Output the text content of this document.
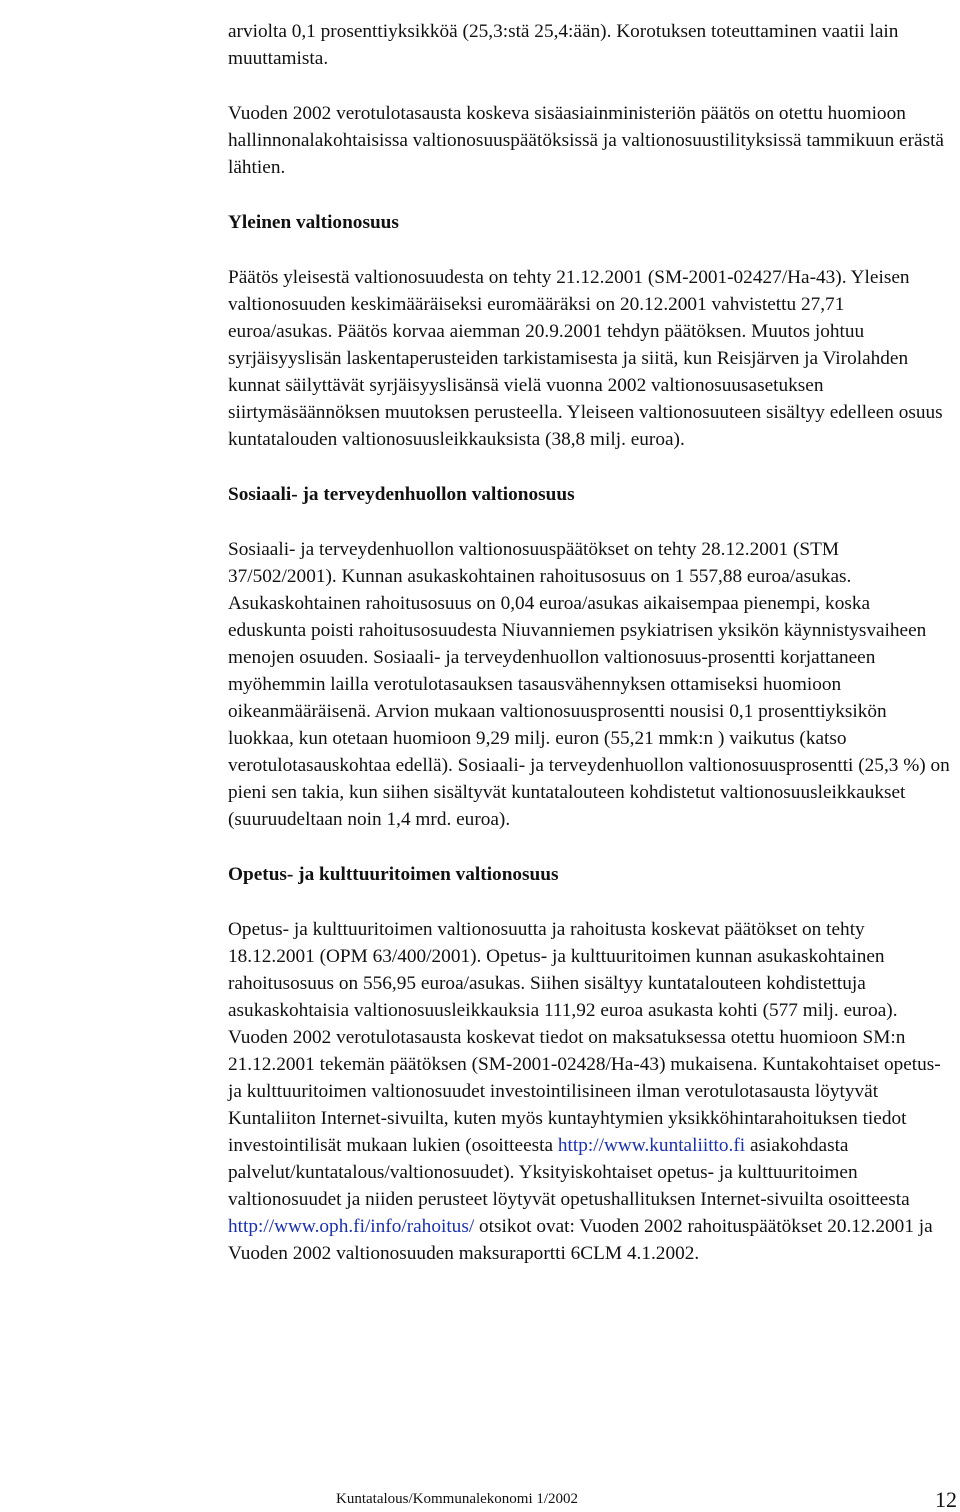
arviolta 0,1 prosenttiyksikköä (25,3:stä 25,4:ään). Korotuksen toteuttaminen vaatii lain muuttamista.

Vuoden 2002 verotulotasausta koskeva sisäasiainministeriön päätös on otettu huomioon hallinnonalakohtaisissa valtionosuuspäätöksissä ja valtionosuustilityksissä tammikuun erästä lähtien.

Yleinen valtionosuus

Päätös yleisestä valtionosuudesta on tehty 21.12.2001 (SM-2001-02427/Ha-43). Yleisen valtionosuuden keskimääräiseksi euromääräksi on 20.12.2001 vahvistettu 27,71 euroa/asukas. Päätös korvaa aiemman 20.9.2001 tehdyn päätöksen. Muutos johtuu syrjäisyyslisän laskentaperusteiden tarkistamisesta ja siitä, kun Reisjärven ja Virolahden kunnat säilyttävät syrjäisyyslisänsä vielä vuonna 2002 valtionosuusasetuksen siirtymäsäännöksen muutoksen perusteella. Yleiseen valtionosuuteen sisältyy edelleen osuus kuntatalouden valtionosuusleikkauksista (38,8 milj. euroa).

Sosiaali- ja terveydenhuollon valtionosuus

Sosiaali- ja terveydenhuollon valtionosuuspäätökset on tehty 28.12.2001 (STM 37/502/2001). Kunnan asukaskohtainen rahoitusosuus on 1 557,88 euroa/asukas. Asukaskohtainen rahoitusosuus on 0,04 euroa/asukas aikaisempaa pienempi, koska eduskunta poisti rahoitusosuudesta Niuvanniemen psykiatrisen yksikön käynnistysvaiheen menojen osuuden. Sosiaali- ja terveydenhuollon valtionosuus-prosentti korjattaneen myöhemmin lailla verotulotasauksen tasausvähennyksen ottamiseksi huomioon oikeanmääräisenä. Arvion mukaan valtionosuusprosentti nousisi 0,1 prosenttiyksikön luokkaa, kun otetaan huomioon 9,29 milj. euron (55,21 mmk:n ) vaikutus (katso verotulotasauskohtaa edellä). Sosiaali- ja terveydenhuollon valtionosuusprosentti (25,3 %) on pieni sen takia, kun siihen sisältyvät kuntatalouteen kohdistetut valtionosuusleikkaukset (suuruudeltaan noin 1,4 mrd. euroa).

Opetus- ja kulttuuritoimen valtionosuus

Opetus- ja kulttuuritoimen valtionosuutta ja rahoitusta koskevat päätökset on tehty 18.12.2001 (OPM 63/400/2001). Opetus- ja kulttuuritoimen kunnan asukaskohtainen rahoitusosuus on 556,95 euroa/asukas. Siihen sisältyy kuntatalouteen kohdistettuja asukaskohtaisia valtionosuusleikkauksia 111,92 euroa asukasta kohti (577 milj. euroa). Vuoden 2002 verotulotasausta koskevat tiedot on maksatuksessa otettu huomioon SM:n 21.12.2001 tekemän päätöksen (SM-2001-02428/Ha-43) mukaisena. Kuntakohtaiset opetus- ja kulttuuritoimen valtionosuudet investointilisineen ilman verotulotasausta löytyvät Kuntaliiton Internet-sivuilta, kuten myös kuntayhtymien yksikköhintarahoituksen tiedot investointilisät mukaan lukien (osoitteesta http://www.kuntaliitto.fi asiakohdasta palvelut/kuntatalous/valtionosuudet). Yksityiskohtaiset opetus- ja kulttuuritoimen valtionosuudet ja niiden perusteet löytyvät opetushallituksen Internet-sivuilta osoitteesta http://www.oph.fi/info/rahoitus/ otsikot ovat: Vuoden 2002 rahoituspäätökset 20.12.2001 ja Vuoden 2002 valtionosuuden maksuraportti 6CLM 4.1.2002.

Kuntatalous/Kommunalekonomi 1/2002	12
